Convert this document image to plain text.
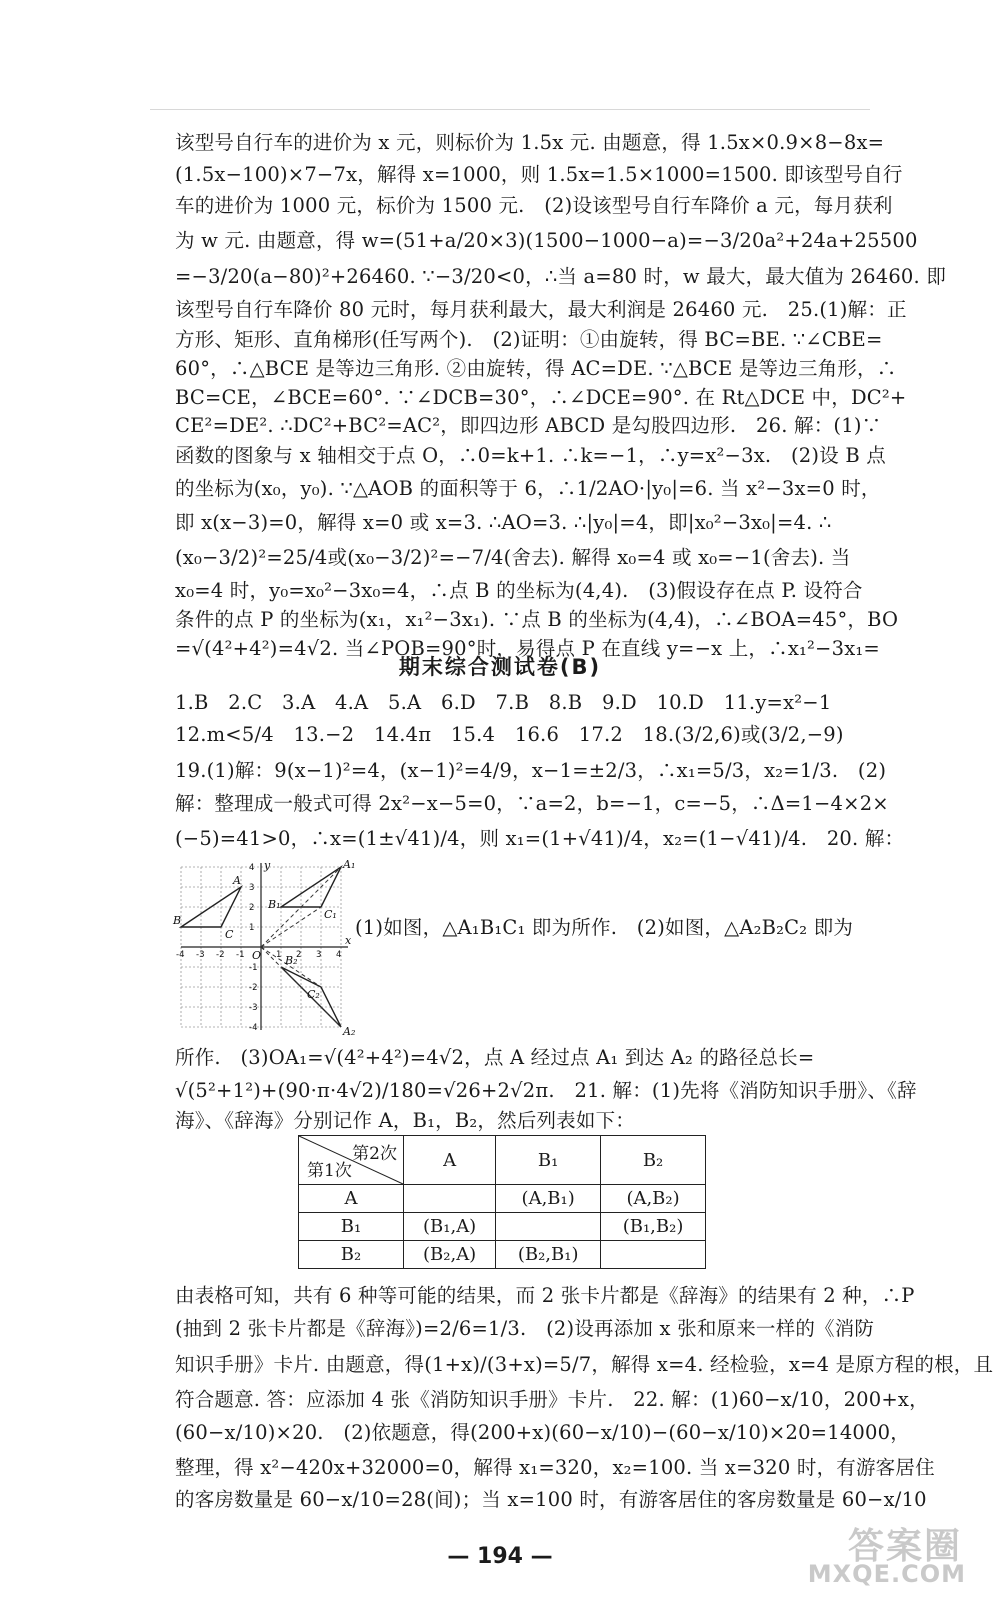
该型号自行车的进价为 x 元，则标价为 1.5x 元. 由题意，得 1.5x×0.9×8−8x=
(1.5x−100)×7−7x，解得 x=1000，则 1.5x=1.5×1000=1500. 即该型号自行
车的进价为 1000 元，标价为 1500 元.　(2)设该型号自行车降价 a 元，每月获利
为 w 元. 由题意，得 w=(51+a/20×3)(1500−1000−a)=−3/20a²+24a+25500
=−3/20(a−80)²+26460. ∵−3/20<0，∴当 a=80 时，w 最大，最大值为 26460. 即
该型号自行车降价 80 元时，每月获利最大，最大利润是 26460 元.　25.(1)解：正
方形、矩形、直角梯形(任写两个).　(2)证明：①由旋转，得 BC=BE. ∵∠CBE=
60°，∴△BCE 是等边三角形. ②由旋转，得 AC=DE. ∵△BCE 是等边三角形，∴
BC=CE，∠BCE=60°. ∵∠DCB=30°，∴∠DCE=90°. 在 Rt△DCE 中，DC²+
CE²=DE². ∴DC²+BC²=AC²，即四边形 ABCD 是勾股四边形.　26. 解：(1)∵
函数的图象与 x 轴相交于点 O，∴0=k+1. ∴k=−1，∴y=x²−3x.　(2)设 B 点
的坐标为(x₀，y₀). ∵△AOB 的面积等于 6，∴1/2AO·|y₀|=6. 当 x²−3x=0 时，
即 x(x−3)=0，解得 x=0 或 x=3. ∴AO=3. ∴|y₀|=4，即|x₀²−3x₀|=4. ∴
(x₀−3/2)²=25/4或(x₀−3/2)²=−7/4(舍去). 解得 x₀=4 或 x₀=−1(舍去). 当
x₀=4 时，y₀=x₀²−3x₀=4，∴点 B 的坐标为(4,4).　(3)假设存在点 P. 设符合
条件的点 P 的坐标为(x₁，x₁²−3x₁). ∵点 B 的坐标为(4,4)，∴∠BOA=45°，BO
=√(4²+4²)=4√2. 当∠POB=90°时，易得点 P 在直线 y=−x 上，∴x₁²−3x₁=
期末综合测试卷(B)
1.B　2.C　3.A　4.A　5.A　6.D　7.B　8.B　9.D　10.D　11.y=x²−1
12.m<5/4　13.−2　14.4π　15.4　16.6　17.2　18.(3/2,6)或(3/2,−9)
19.(1)解：9(x−1)²=4，(x−1)²=4/9，x−1=±2/3，∴x₁=5/3，x₂=1/3.　(2)
解：整理成一般式可得 2x²−x−5=0，∵a=2，b=−1，c=−5，∴Δ=1−4×2×
(−5)=41>0，∴x=(1±√41)/4，则 x₁=(1+√41)/4，x₂=(1−√41)/4.　20. 解：
y
x
O
B
A
C
B₁
A₁
C₁
B₂
A₂
C₂
-4 -3 -2 -1	1 2 3 4
4
3
2
1
-1
-2
-3
-4
(1)如图，△A₁B₁C₁ 即为所作.　(2)如图，△A₂B₂C₂ 即为
所作.　(3)OA₁=√(4²+4²)=4√2，点 A 经过点 A₁ 到达 A₂ 的路径总长=
√(5²+1²)+(90·π·4√2)/180=√26+2√2π.　21. 解：(1)先将《消防知识手册》、《辞
海》、《辞海》分别记作 A，B₁，B₂，然后列表如下：
第2次
第1次	A	B₁	B₂
A		(A,B₁)	(A,B₂)
B₁	(B₁,A)		(B₁,B₂)
B₂	(B₂,A)	(B₂,B₁)	
由表格可知，共有 6 种等可能的结果，而 2 张卡片都是《辞海》的结果有 2 种，∴P
(抽到 2 张卡片都是《辞海》)=2/6=1/3.　(2)设再添加 x 张和原来一样的《消防
知识手册》卡片. 由题意，得(1+x)/(3+x)=5/7，解得 x=4. 经检验，x=4 是原方程的根，且
符合题意. 答：应添加 4 张《消防知识手册》卡片.　22. 解：(1)60−x/10，200+x，
(60−x/10)×20.　(2)依题意，得(200+x)(60−x/10)−(60−x/10)×20=14000，
整理，得 x²−420x+32000=0，解得 x₁=320，x₂=100. 当 x=320 时，有游客居住
的客房数量是 60−x/10=28(间)；当 x=100 时，有游客居住的客房数量是 60−x/10
— 194 —	答案圈
MXQE.COM
